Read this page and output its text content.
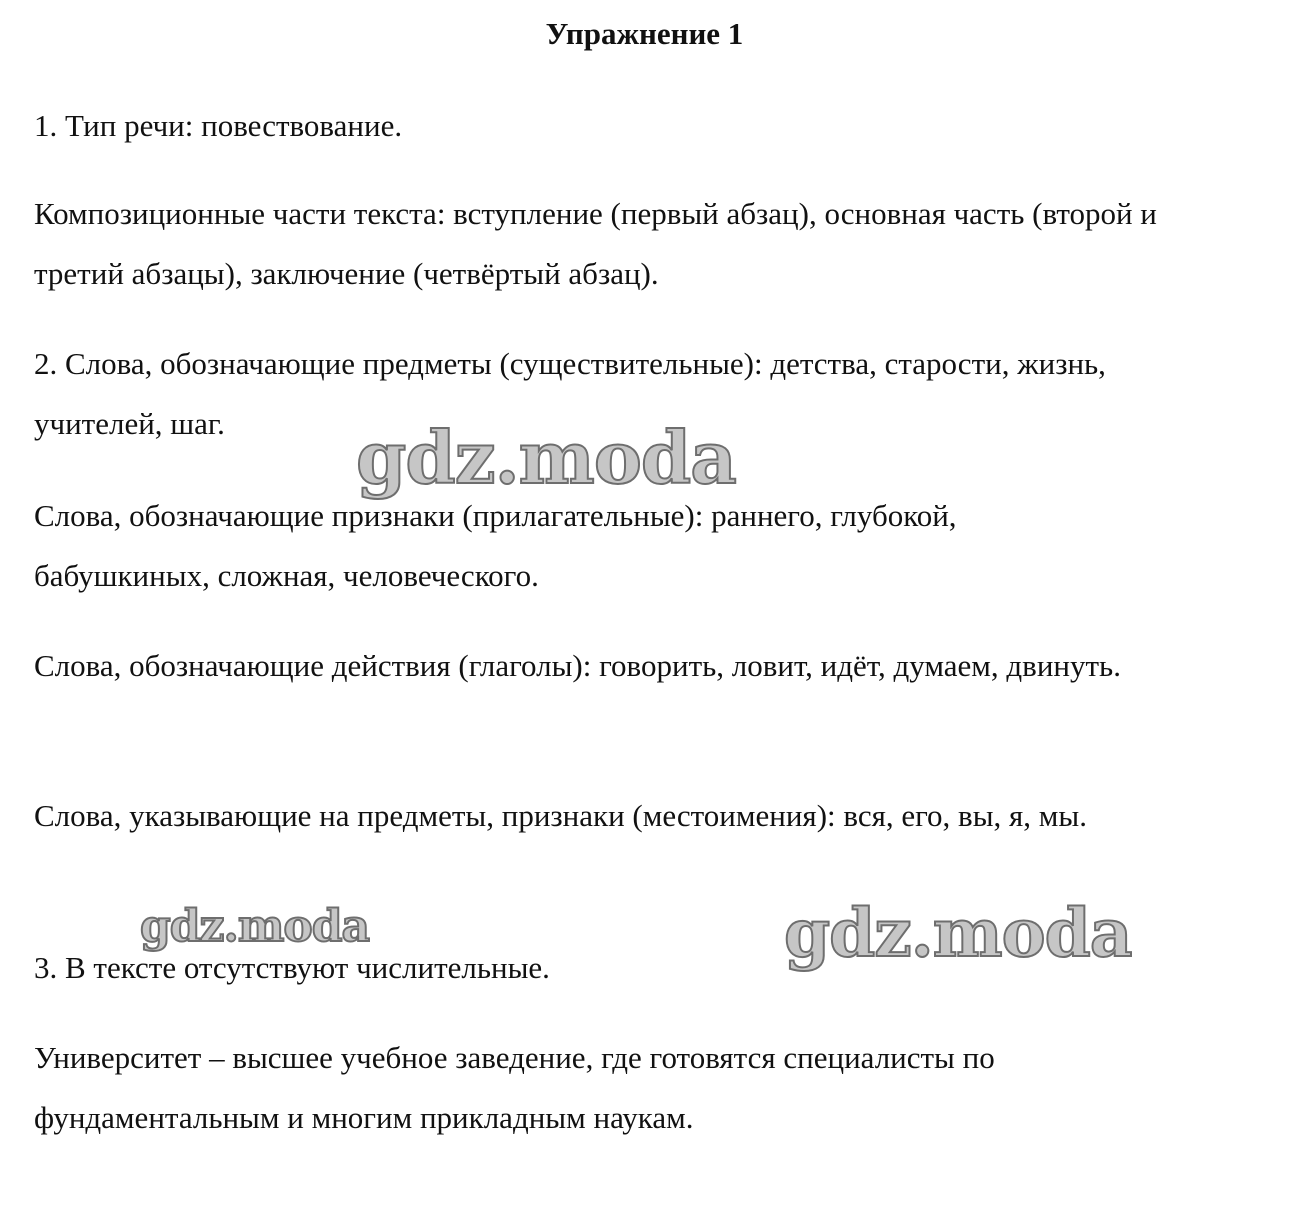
Упражнение 1

1. Тип речи: повествование.

Композиционные части текста: вступление (первый абзац), основная часть (второй и третий абзацы), заключение (четвёртый абзац).

2. Слова, обозначающие предметы (существительные): детства, старости, жизнь, учителей, шаг.

Слова, обозначающие признаки (прилагательные): раннего, глубокой, бабушкиных, сложная, человеческого.

Слова, обозначающие действия (глаголы): говорить, ловит, идёт, думаем, двинуть.

Слова, указывающие на предметы, признаки (местоимения): вся, его, вы, я, мы.

3. В тексте отсутствуют числительные.

Университет – высшее учебное заведение, где готовятся специалисты по фундаментальным и многим прикладным наукам.

gdz.moda
gdz.moda	gdz.moda
